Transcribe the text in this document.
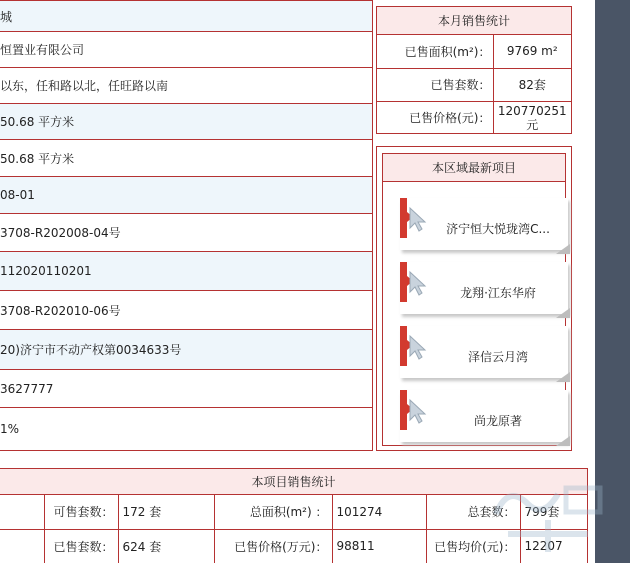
城
恒置业有限公司
以东，任和路以北，任旺路以南
50.68 平方米
50.68 平方米
08-01
3708-R202008-04号
112020110201
3708-R202010-06号
20)济宁市不动产权第0034633号
3627777
1%
本月销售统计
已售面积(m²)：	9769 m²
已售套数：	82套
已售价格(元)：	120770251元
本区域最新项目
济宁恒大悦珑湾C...
龙翔·江东华府
泽信云月湾
尚龙原著
本项目销售统计
	可售套数：	172 套	总面积(m²) ：	101274	总套数：	799套
	已售套数：	624 套	已售价格(万元)：	98811	已售均价(元)：	12207
